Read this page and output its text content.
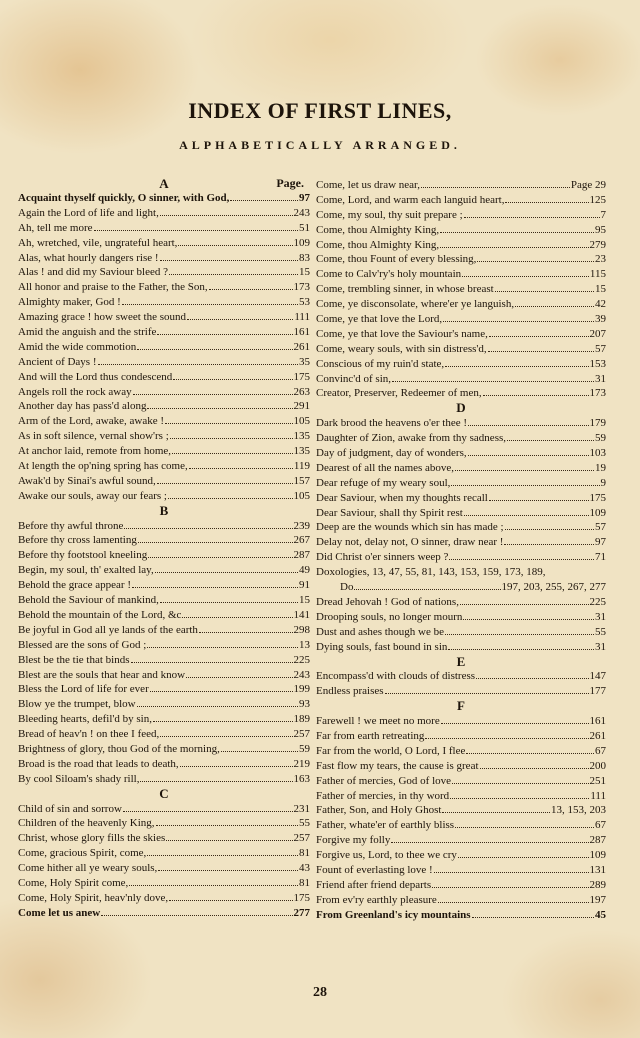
INDEX OF FIRST LINES,
ALPHABETICALLY ARRANGED.
A	Page.
Acquaint thyself quickly, O sinner, with God,	97
Again the Lord of life and light,	243
Ah, tell me more	51
Ah, wretched, vile, ungrateful heart,	109
Alas, what hourly dangers rise !	83
Alas ! and did my Saviour bleed ?	15
All honor and praise to the Father, the Son,	173
Almighty maker, God !	53
Amazing grace ! how sweet the sound	111
Amid the anguish and the strife	161
Amid the wide commotion	261
Ancient of Days !	35
And will the Lord thus condescend	175
Angels roll the rock away	263
Another day has pass'd along	291
Arm of the Lord, awake, awake !	105
As in soft silence, vernal show'rs ;	135
At anchor laid, remote from home,	135
At length the op'ning spring has come,	119
Awak'd by Sinai's awful sound,	157
Awake our souls, away our fears ;	105
B
Before thy awful throne	239
Before thy cross lamenting	267
Before thy footstool kneeling	287
Begin, my soul, th' exalted lay,	49
Behold the grace appear !	91
Behold the Saviour of mankind,	15
Behold the mountain of the Lord, &c	141
Be joyful in God all ye lands of the earth	298
Blessed are the sons of God ;	13
Blest be the tie that binds	225
Blest are the souls that hear and know	243
Bless the Lord of life for ever	199
Blow ye the trumpet, blow	93
Bleeding hearts, defil'd by sin,	189
Bread of heav'n ! on thee I feed,	257
Brightness of glory, thou God of the morning,	59
Broad is the road that leads to death,	219
By cool Siloam's shady rill,	163
C
Child of sin and sorrow	231
Children of the heavenly King,	55
Christ, whose glory fills the skies	257
Come, gracious Spirit, come,	81
Come hither all ye weary souls,	43
Come, Holy Spirit come,	81
Come, Holy Spirit, heav'nly dove,	175
Come let us anew	277
Come, let us draw near,	Page 29
Come, Lord, and warm each languid heart,	125
Come, my soul, thy suit prepare ;	7
Come, thou Almighty King,	95
Come, thou Almighty King,	279
Come, thou Fount of every blessing,	23
Come to Calv'ry's holy mountain	115
Come, trembling sinner, in whose breast	15
Come, ye disconsolate, where'er ye languish,	42
Come, ye that love the Lord,	39
Come, ye that love the Saviour's name,	207
Come, weary souls, with sin distress'd,	57
Conscious of my ruin'd state,	153
Convinc'd of sin,	31
Creator, Preserver, Redeemer of men,	173
D
Dark brood the heavens o'er thee !	179
Daughter of Zion, awake from thy sadness,	59
Day of judgment, day of wonders,	103
Dearest of all the names above,	19
Dear refuge of my weary soul,	9
Dear Saviour, when my thoughts recall	175
Dear Saviour, shall thy Spirit rest	109
Deep are the wounds which sin has made ;	57
Delay not, delay not, O sinner, draw near !	97
Did Christ o'er sinners weep ?	71
Doxologies, 13, 47, 55, 81, 143, 153, 159, 173, 189,
Do	197, 203, 255, 267, 277
Dread Jehovah ! God of nations,	225
Drooping souls, no longer mourn	31
Dust and ashes though we be	55
Dying souls, fast bound in sin	31
E
Encompass'd with clouds of distress	147
Endless praises	177
F
Farewell ! we meet no more	161
Far from earth retreating	261
Far from the world, O Lord, I flee	67
Fast flow my tears, the cause is great	200
Father of mercies, God of love	251
Father of mercies, in thy word	111
Father, Son, and Holy Ghost	13, 153, 203
Father, whate'er of earthly bliss	67
Forgive my folly	287
Forgive us, Lord, to thee we cry	109
Fount of everlasting love !	131
Friend after friend departs	289
From ev'ry earthly pleasure	197
From Greenland's icy mountains	45
28
